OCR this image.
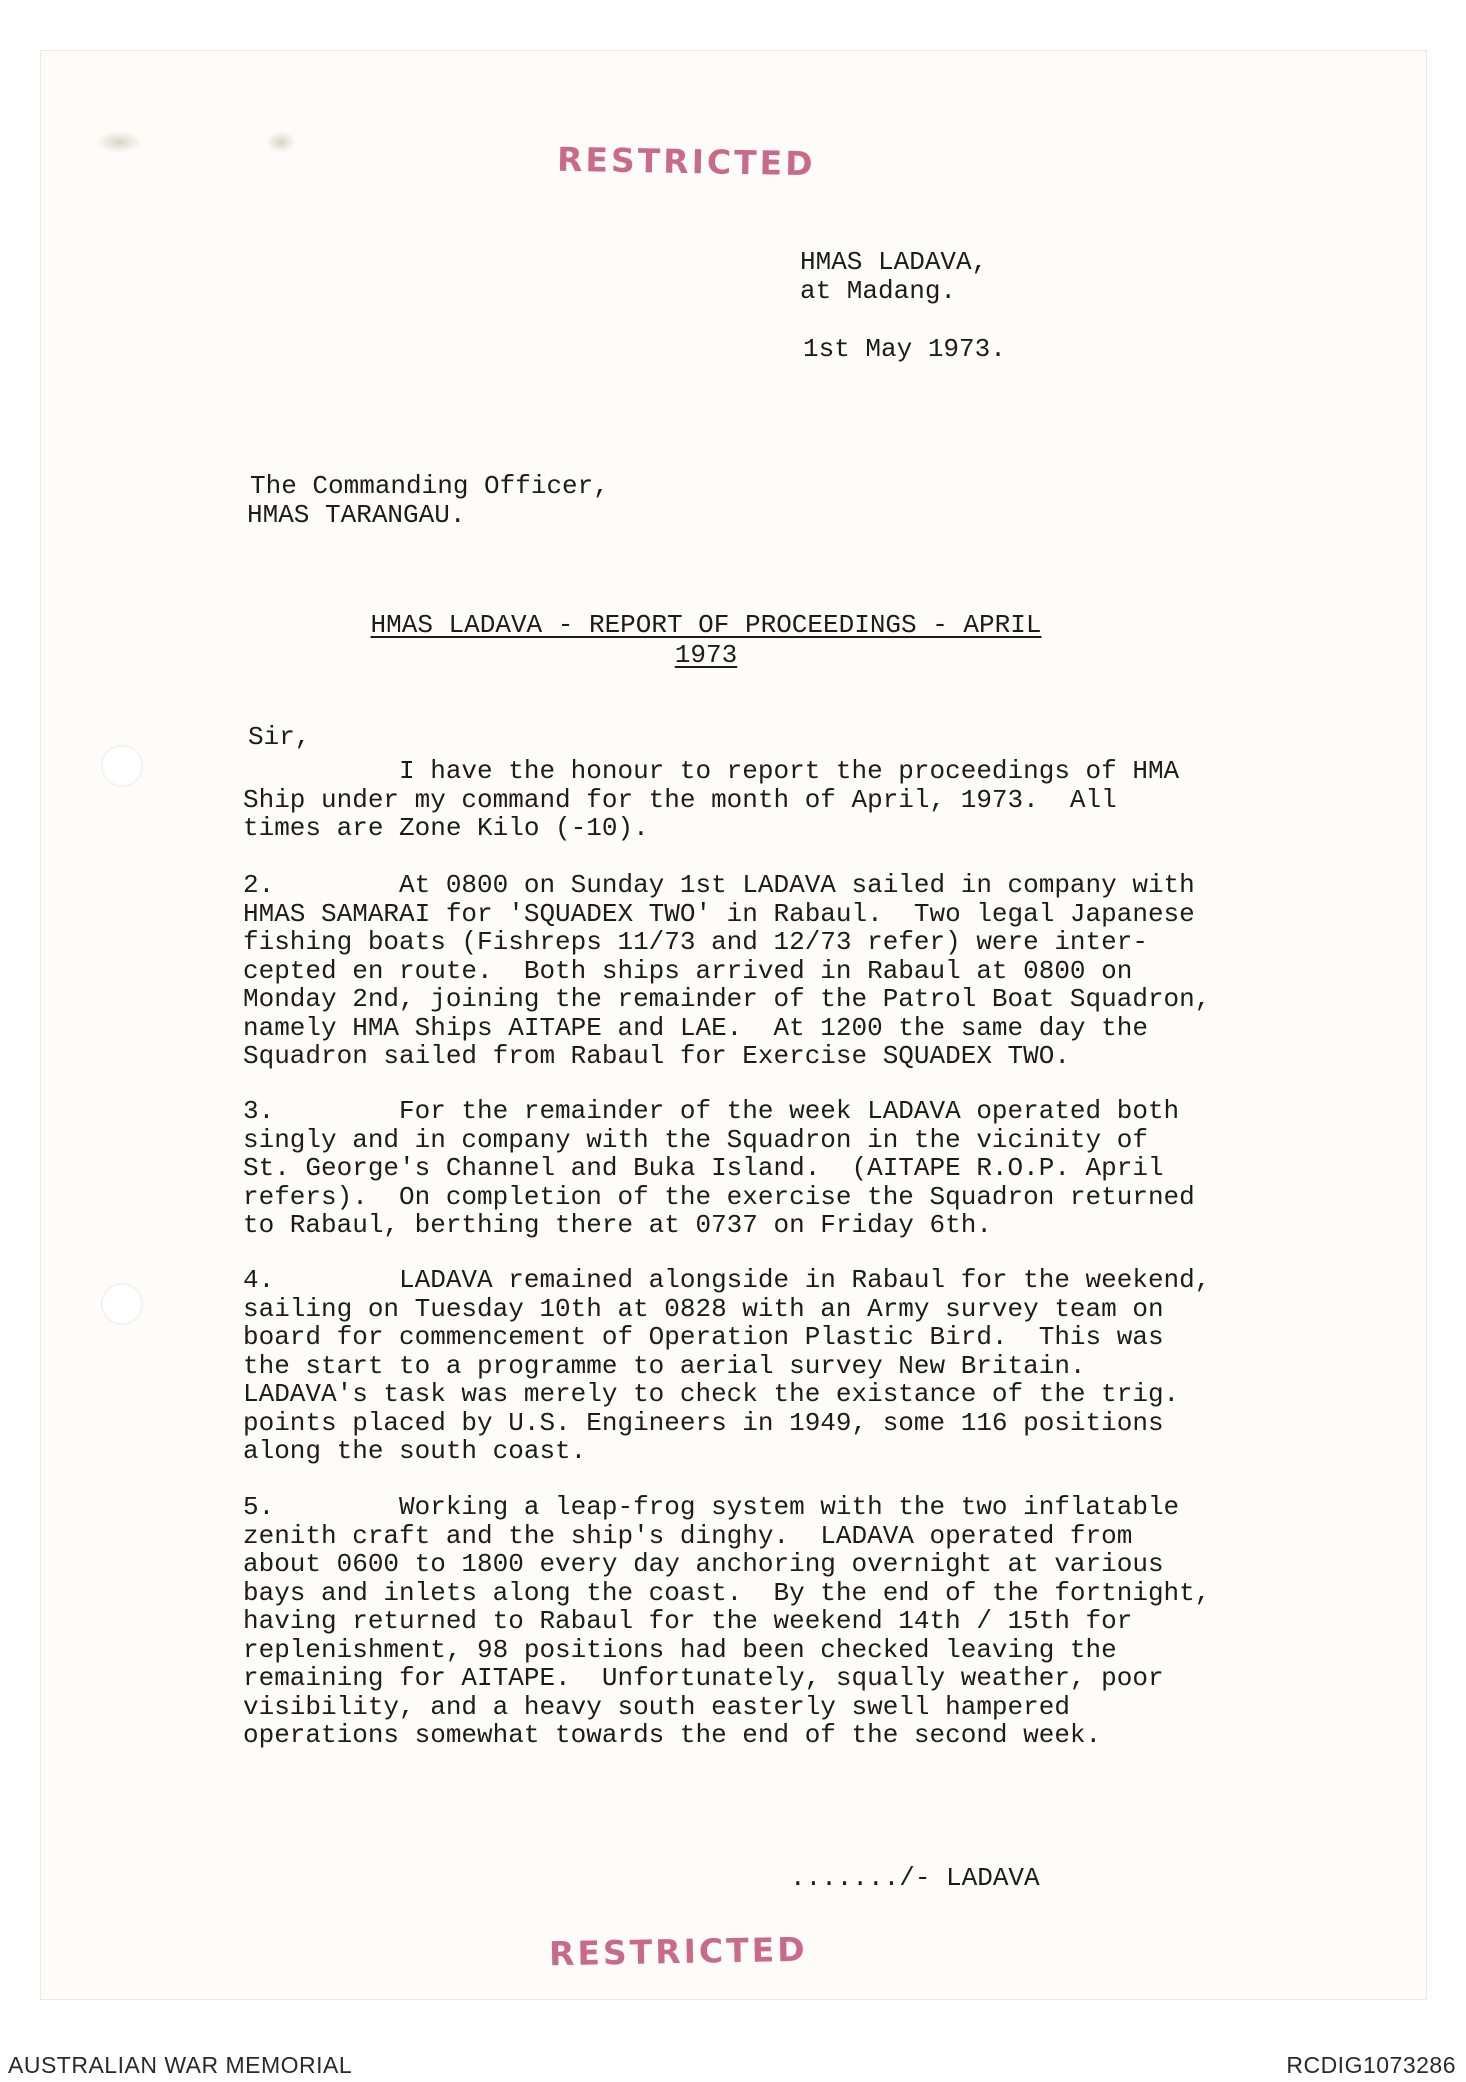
RESTRICTED
HMAS LADAVA,
at Madang.
1st May 1973.
The Commanding Officer,
HMAS TARANGAU.
HMAS LADAVA - REPORT OF PROCEEDINGS - APRIL
1973
Sir,

I have the honour to report the proceedings of HMA

Ship under my command for the month of April, 1973.  All

times are Zone Kilo (-10).

2.        At 0800 on Sunday 1st LADAVA sailed in company with

HMAS SAMARAI for 'SQUADEX TWO' in Rabaul.  Two legal Japanese

fishing boats (Fishreps 11/73 and 12/73 refer) were inter-

cepted en route.  Both ships arrived in Rabaul at 0800 on

Monday 2nd, joining the remainder of the Patrol Boat Squadron,

namely HMA Ships AITAPE and LAE.  At 1200 the same day the

Squadron sailed from Rabaul for Exercise SQUADEX TWO.

3.        For the remainder of the week LADAVA operated both

singly and in company with the Squadron in the vicinity of

St. George's Channel and Buka Island.  (AITAPE R.O.P. April

refers).  On completion of the exercise the Squadron returned

to Rabaul, berthing there at 0737 on Friday 6th.

4.        LADAVA remained alongside in Rabaul for the weekend,

sailing on Tuesday 10th at 0828 with an Army survey team on

board for commencement of Operation Plastic Bird.  This was

the start to a programme to aerial survey New Britain.

LADAVA's task was merely to check the existance of the trig.

points placed by U.S. Engineers in 1949, some 116 positions

along the south coast.

5.        Working a leap-frog system with the two inflatable

zenith craft and the ship's dinghy.  LADAVA operated from

about 0600 to 1800 every day anchoring overnight at various

bays and inlets along the coast.  By the end of the fortnight,

having returned to Rabaul for the weekend 14th / 15th for

replenishment, 98 positions had been checked leaving the

remaining for AITAPE.  Unfortunately, squally weather, poor

visibility, and a heavy south easterly swell hampered

operations somewhat towards the end of the second week.

......./- LADAVA
RESTRICTED
AUSTRALIAN WAR MEMORIAL	RCDIG1073286
